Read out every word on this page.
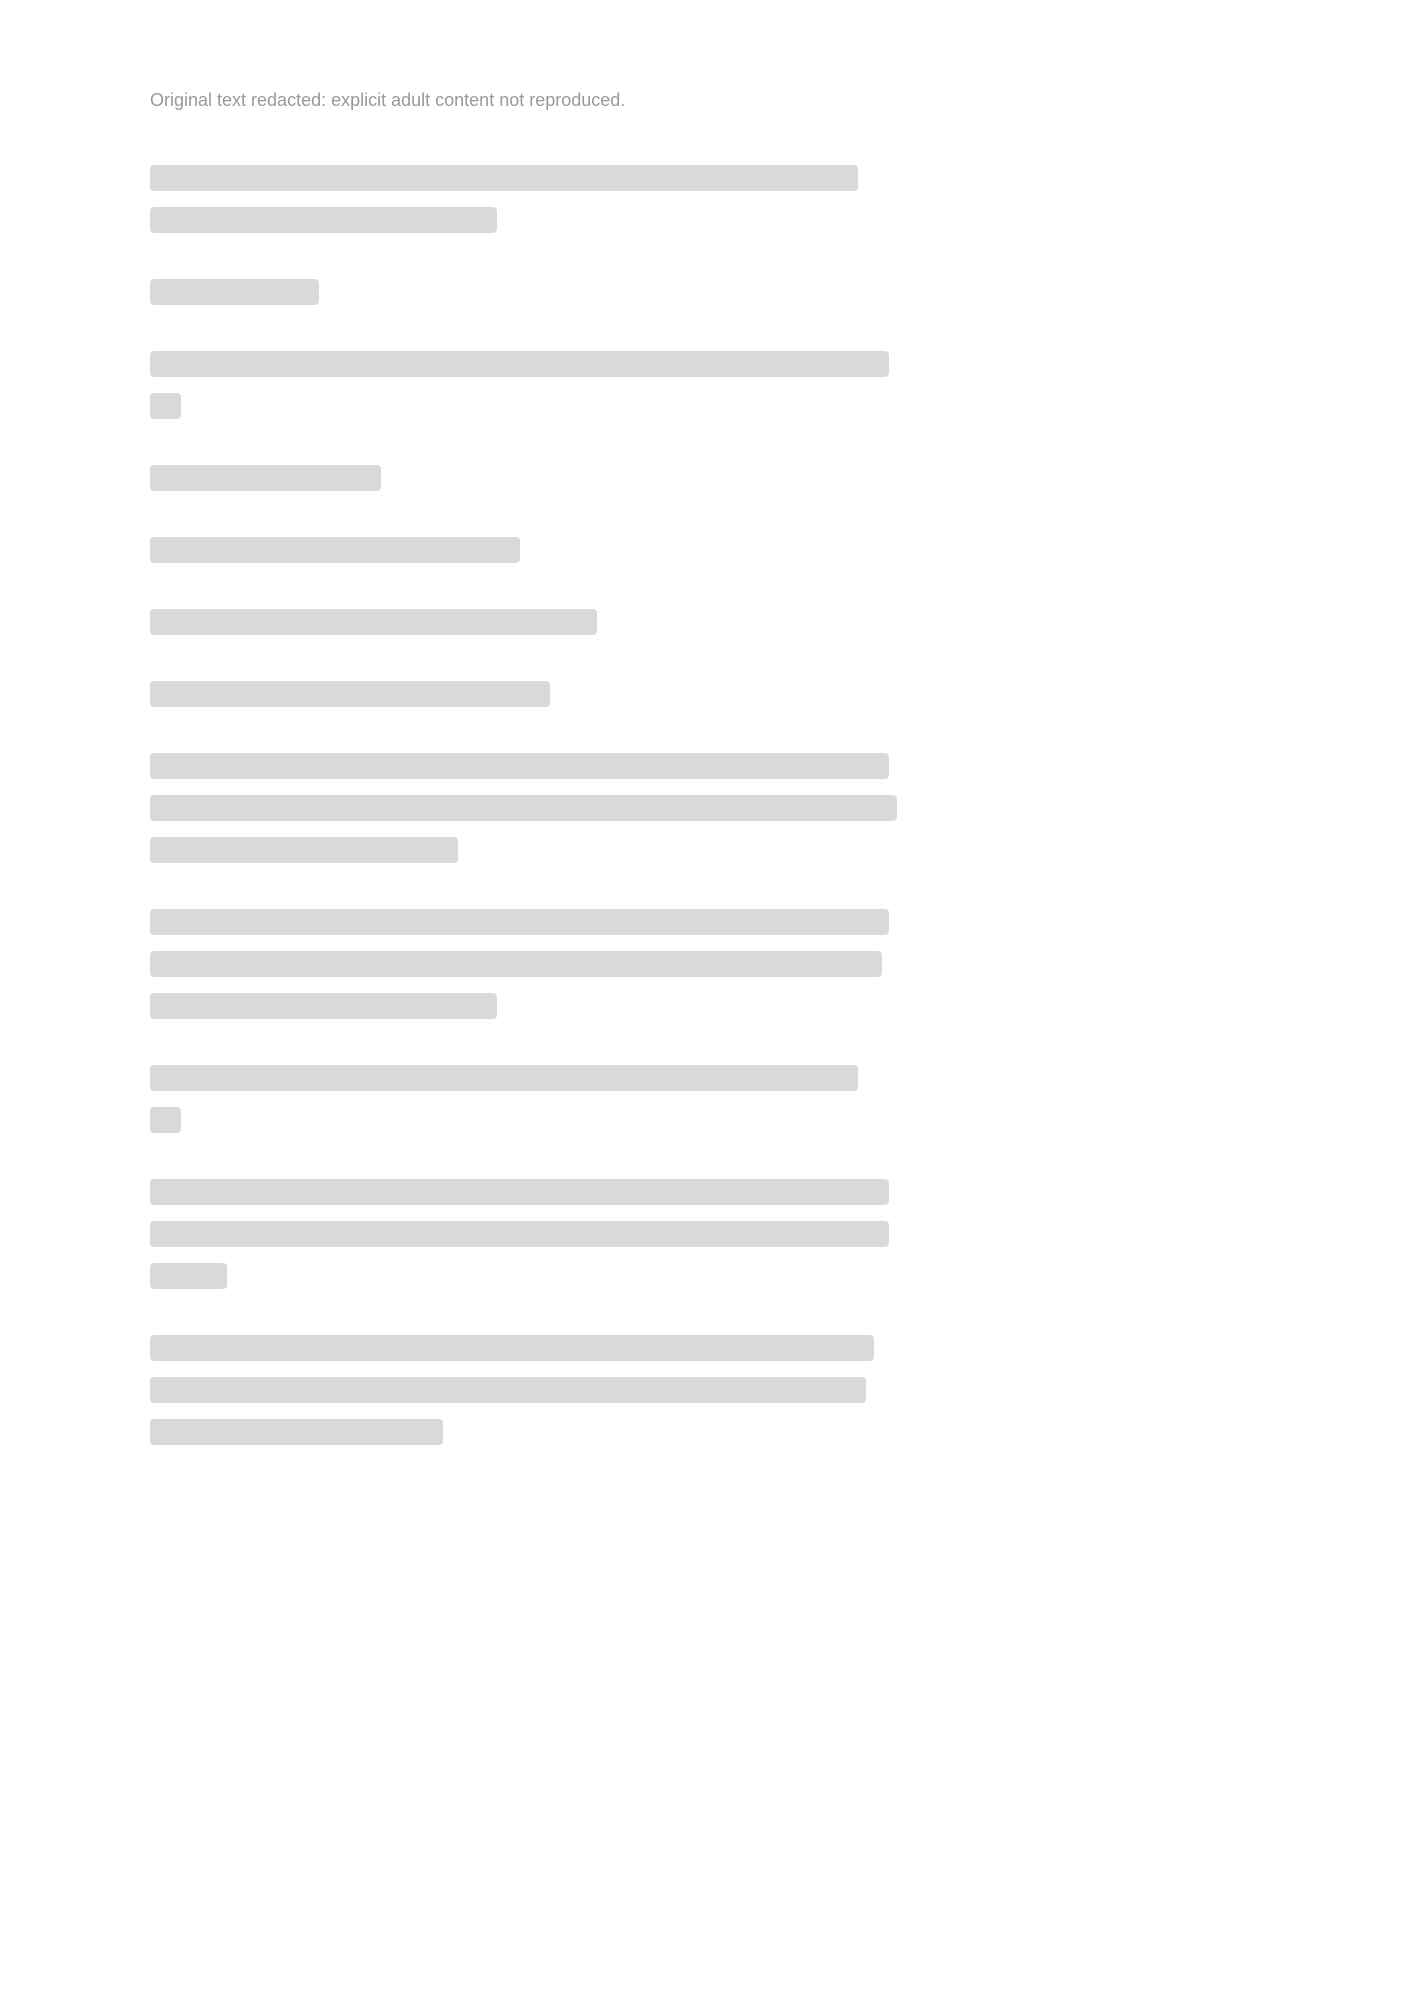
Original text redacted: explicit adult content not reproduced.
